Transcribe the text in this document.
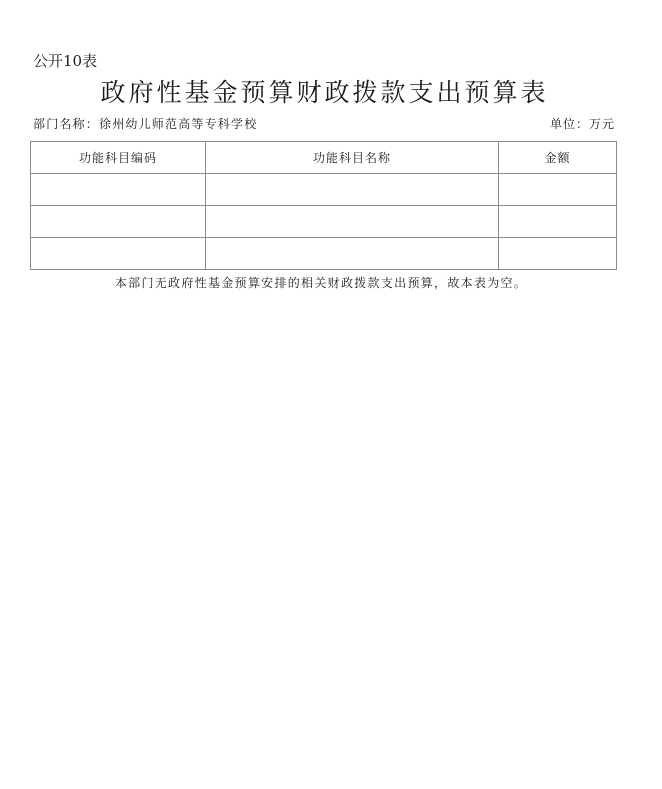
公开10表
政府性基金预算财政拨款支出预算表
部门名称：徐州幼儿师范高等专科学校	单位：万元
功能科目编码	功能科目名称	金额

本部门无政府性基金预算安排的相关财政拨款支出预算，故本表为空。
